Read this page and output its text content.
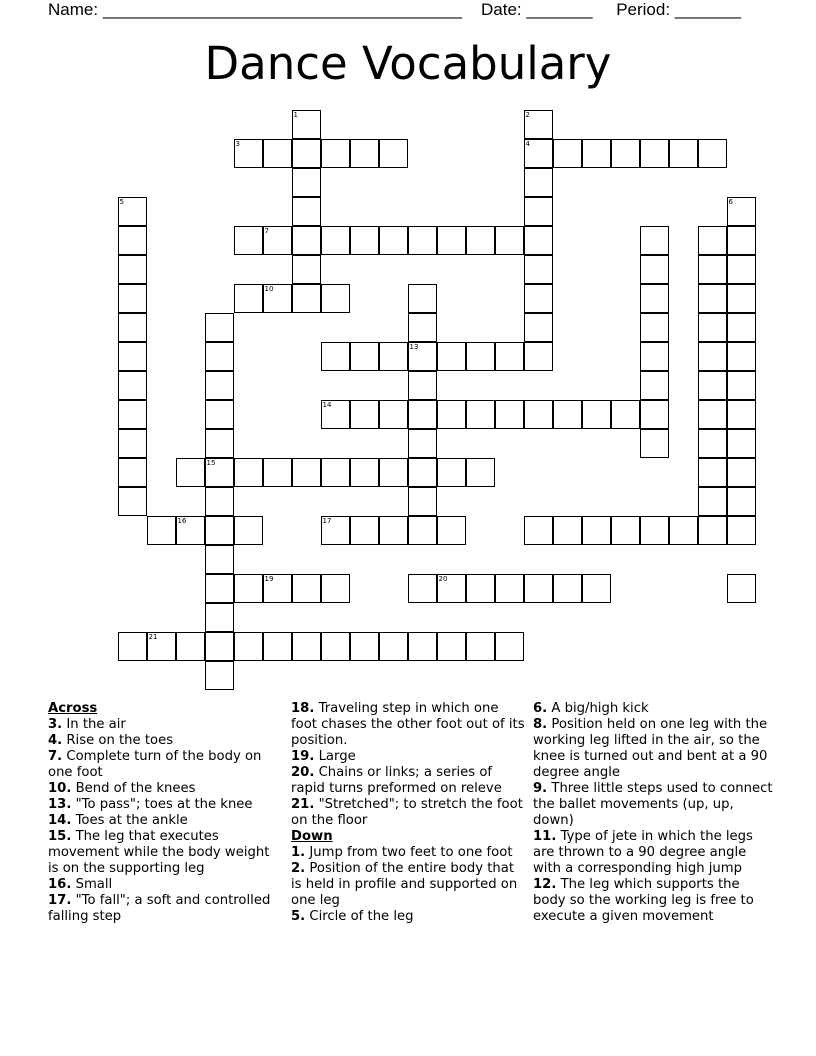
Name: ______________________________________ Date: _______ Period: _______
Dance Vocabulary
1	2
3	4
5	6
7
10
13
14
15
16	17
19	20
21
Across
3. In the air
4. Rise on the toes
7. Complete turn of the body on one foot
10. Bend of the knees
13. "To pass"; toes at the knee
14. Toes at the ankle
15. The leg that executes movement while the body weight is on the supporting leg
16. Small
17. "To fall"; a soft and controlled falling step
18. Traveling step in which one foot chases the other foot out of its position.
19. Large
20. Chains or links; a series of rapid turns preformed on releve
21. "Stretched"; to stretch the foot on the floor
Down
1. Jump from two feet to one foot
2. Position of the entire body that is held in profile and supported on one leg
5. Circle of the leg
6. A big/high kick
8. Position held on one leg with the working leg lifted in the air, so the knee is turned out and bent at a 90 degree angle
9. Three little steps used to connect the ballet movements (up, up, down)
11. Type of jete in which the legs are thrown to a 90 degree angle with a corresponding high jump
12. The leg which supports the body so the working leg is free to execute a given movement
